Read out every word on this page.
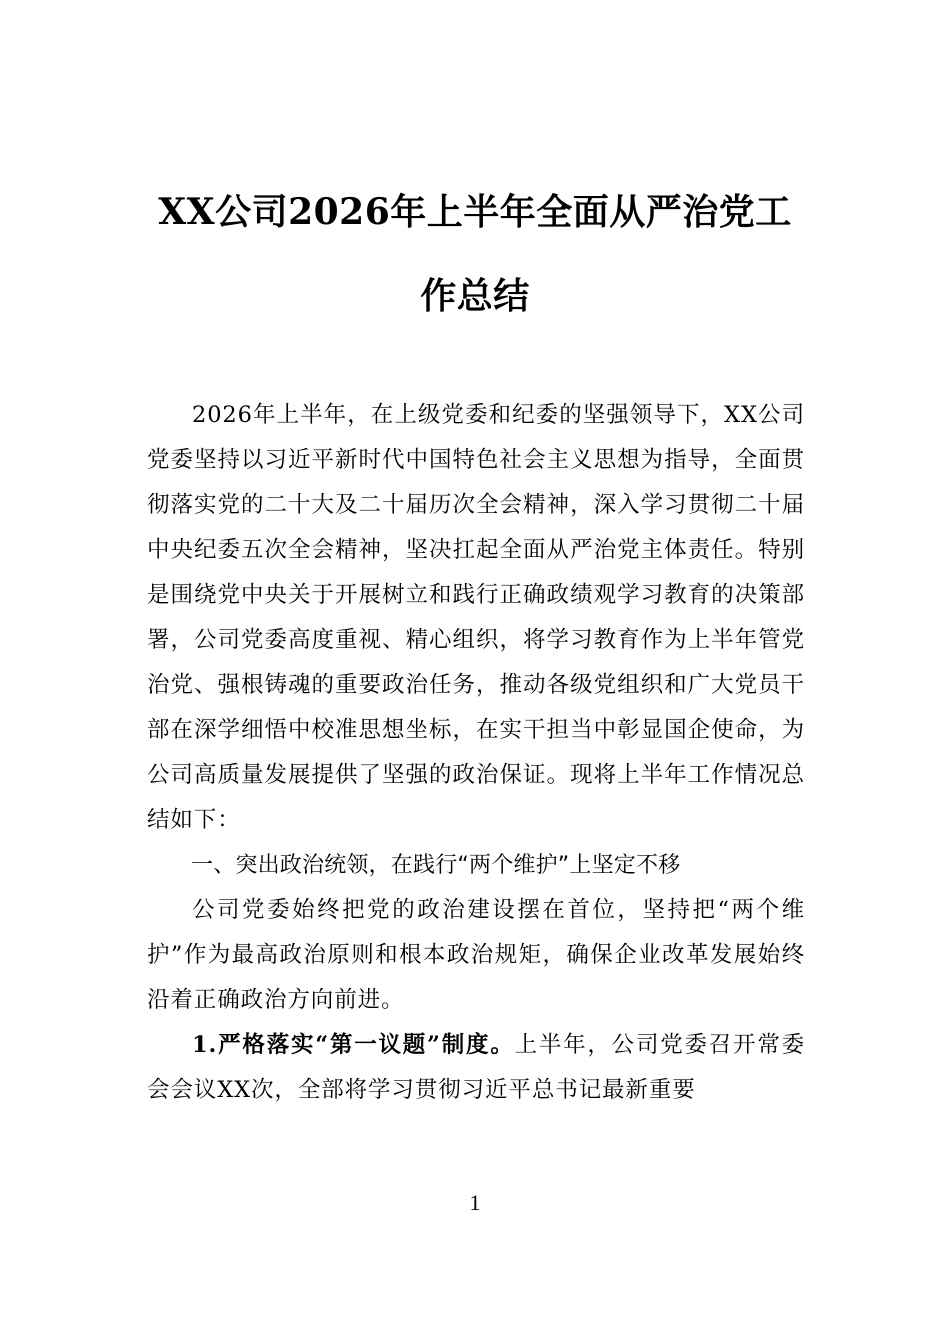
XX公司2026年上半年全面从严治党工作总结

2026年上半年，在上级党委和纪委的坚强领导下，XX公司党委坚持以习近平新时代中国特色社会主义思想为指导，全面贯彻落实党的二十大及二十届历次全会精神，深入学习贯彻二十届中央纪委五次全会精神，坚决扛起全面从严治党主体责任。特别是围绕党中央关于开展树立和践行正确政绩观学习教育的决策部署，公司党委高度重视、精心组织，将学习教育作为上半年管党治党、强根铸魂的重要政治任务，推动各级党组织和广大党员干部在深学细悟中校准思想坐标，在实干担当中彰显国企使命，为公司高质量发展提供了坚强的政治保证。现将上半年工作情况总结如下：

一、突出政治统领，在践行“两个维护”上坚定不移

公司党委始终把党的政治建设摆在首位，坚持把“两个维护”作为最高政治原则和根本政治规矩，确保企业改革发展始终沿着正确政治方向前进。

1.严格落实“第一议题”制度。上半年，公司党委召开常委会会议XX次，全部将学习贯彻习近平总书记最新重要

1
